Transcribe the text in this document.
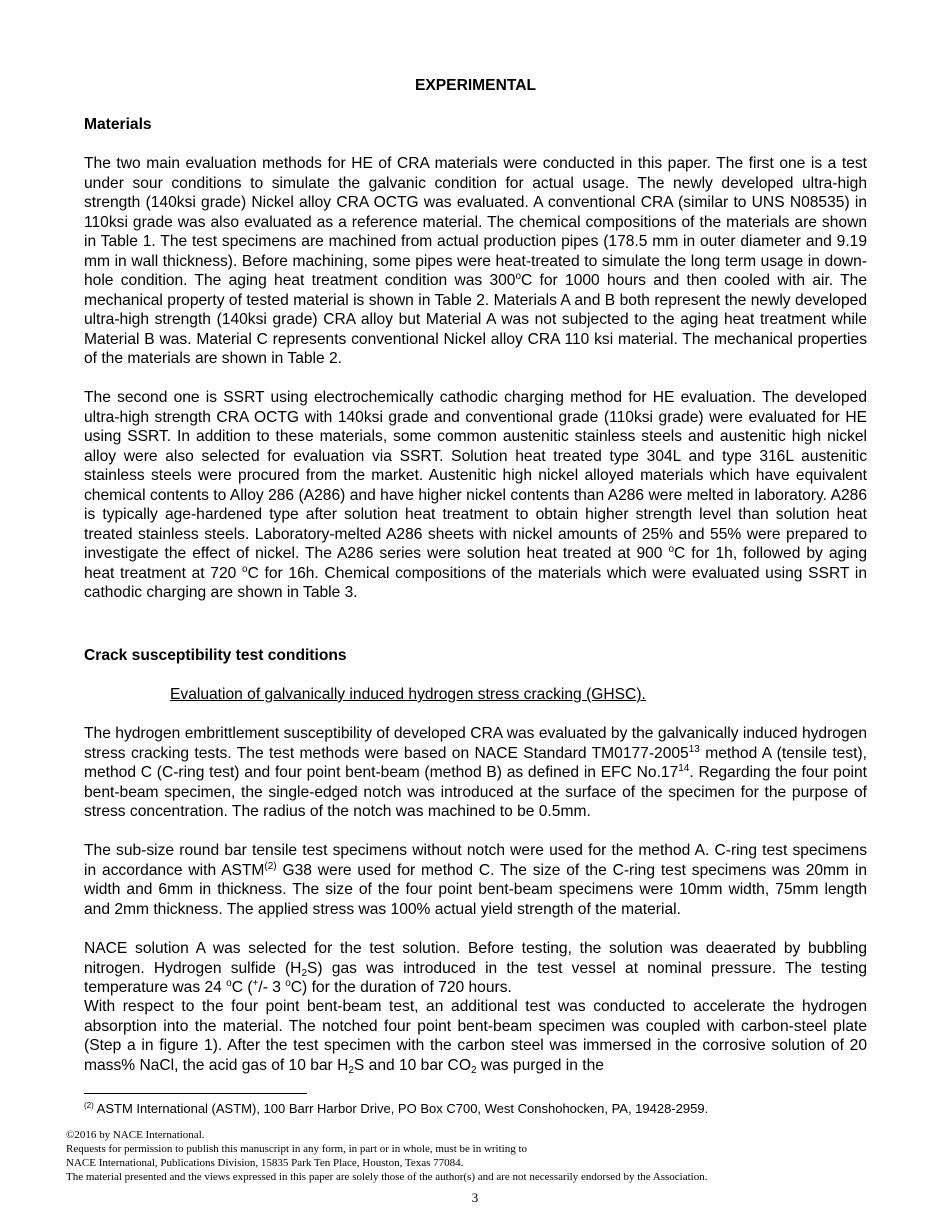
EXPERIMENTAL
Materials

The two main evaluation methods for HE of CRA materials were conducted in this paper. The first one is a test under sour conditions to simulate the galvanic condition for actual usage. The newly developed ultra-high strength (140ksi grade) Nickel alloy CRA OCTG was evaluated. A conventional CRA (similar to UNS N08535) in 110ksi grade was also evaluated as a reference material. The chemical compositions of the materials are shown in Table 1. The test specimens are machined from actual production pipes (178.5 mm in outer diameter and 9.19 mm in wall thickness). Before machining, some pipes were heat-treated to simulate the long term usage in down-hole condition. The aging heat treatment condition was 300$^o$C for 1000 hours and then cooled with air. The mechanical property of tested material is shown in Table 2. Materials A and B both represent the newly developed ultra-high strength (140ksi grade) CRA alloy but Material A was not subjected to the aging heat treatment while Material B was. Material C represents conventional Nickel alloy CRA 110 ksi material. The mechanical properties of the materials are shown in Table 2.

The second one is SSRT using electrochemically cathodic charging method for HE evaluation. The developed ultra-high strength CRA OCTG with 140ksi grade and conventional grade (110ksi grade) were evaluated for HE using SSRT. In addition to these materials, some common austenitic stainless steels and austenitic high nickel alloy were also selected for evaluation via SSRT. Solution heat treated type 304L and type 316L austenitic stainless steels were procured from the market. Austenitic high nickel alloyed materials which have equivalent chemical contents to Alloy 286 (A286) and have higher nickel contents than A286 were melted in laboratory. A286 is typically age-hardened type after solution heat treatment to obtain higher strength level than solution heat treated stainless steels. Laboratory-melted A286 sheets with nickel amounts of 25% and 55% were prepared to investigate the effect of nickel. The A286 series were solution heat treated at 900 $^o$C for 1h, followed by aging heat treatment at 720 $^o$C for 16h. Chemical compositions of the materials which were evaluated using SSRT in cathodic charging are shown in Table 3.

Crack susceptibility test conditions
Evaluation of galvanically induced hydrogen stress cracking (GHSC).

The hydrogen embrittlement susceptibility of developed CRA was evaluated by the galvanically induced hydrogen stress cracking tests. The test methods were based on NACE Standard TM0177-2005$^{13}$ method A (tensile test), method C (C-ring test) and four point bent-beam (method B) as defined in EFC $No.17^{14}$. Regarding the four point bent-beam specimen, the single-edged notch was introduced at the surface of the specimen for the purpose of stress concentration. The radius of the notch was machined to be 0.5mm.

The sub-size round bar tensile test specimens without notch were used for the method A. C-ring test specimens in accordance with ASTM$^{(2)}$ G38 were used for method C. The size of the C-ring test specimens was 20mm in width and 6mm in thickness. The size of the four point bent-beam specimens were 10mm width, 75mm length and 2mm thickness. The applied stress was 100% actual yield strength of the material.

NACE solution A was selected for the test solution. Before testing, the solution was deaerated by bubbling nitrogen. Hydrogen sulfide $(H_2S)$ gas was introduced in the test vessel at nominal pressure. The testing temperature was 24 $^o$C (+/- 3 $^o$C) for the duration of 720 hours.

With respect to the four point bent-beam test, an additional test was conducted to accelerate the hydrogen absorption into the material. The notched four point bent-beam specimen was coupled with carbon-steel plate (Step a in figure 1). After the test specimen with the carbon steel was immersed in the corrosive solution of 20 mass% NaCl, the acid gas of 10 bar $H_2S$ and 10 bar $CO_2$ was purged in the

$^{(2)}$ ASTM International (ASTM), 100 Barr Harbor Drive, PO Box C700, West Conshohocken, PA, 19428-2959.
©2016 by NACE International.
Requests for permission to publish this manuscript in any form, in part or in whole, must be in writing to
NACE International, Publications Division, 15835 Park Ten Place, Houston, Texas 77084.
The material presented and the views expressed in this paper are solely those of the author(s) and are not necessarily endorsed by the Association.
3
